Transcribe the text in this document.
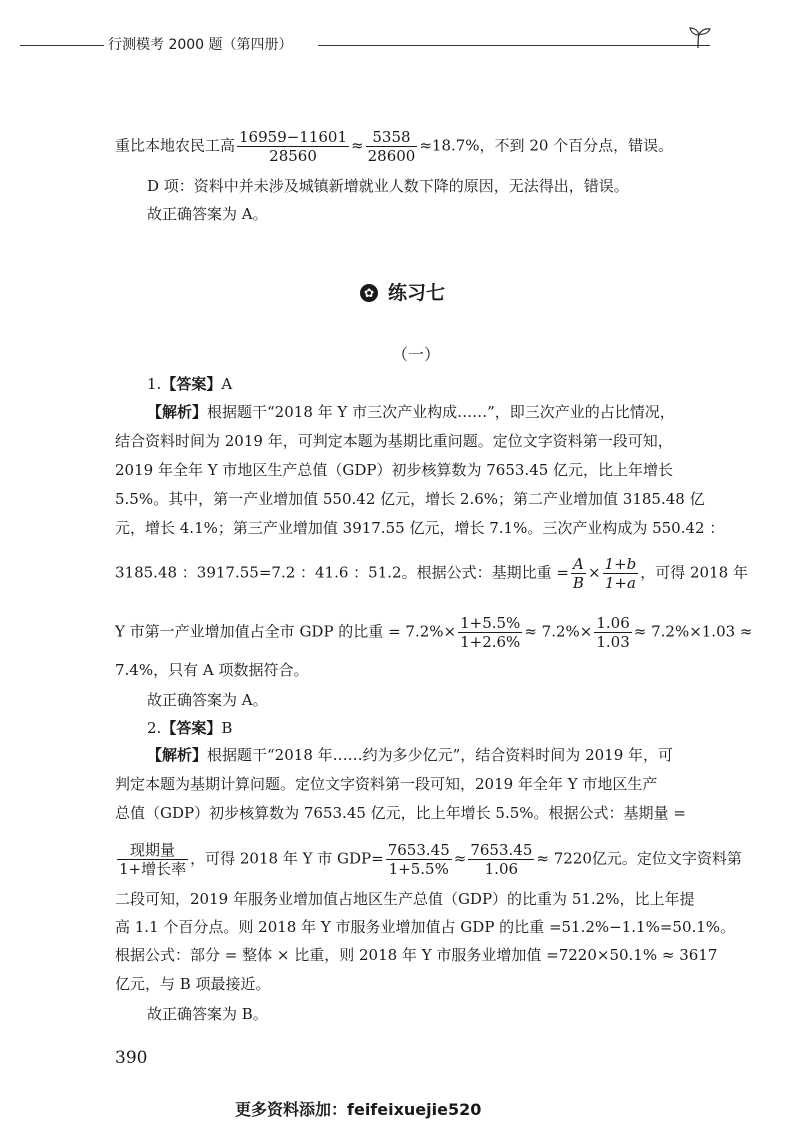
行测模考 2000 题（第四册）
重比本地农民工高 $\frac{16959-11601}{28560} \approx \frac{5358}{28600} \approx 18.7\%$，不到 20 个百分点，错误。
D 项：资料中并未涉及城镇新增就业人数下降的原因，无法得出，错误。
故正确答案为 A。
✿ 练习七
（一）
1.【答案】A
【解析】根据题干“2018 年 Y 市三次产业构成……”，即三次产业的占比情况，
结合资料时间为 2019 年，可判定本题为基期比重问题。定位文字资料第一段可知，
2019 年全年 Y 市地区生产总值（GDP）初步核算数为 7653.45 亿元，比上年增长
5.5%。其中，第一产业增加值 550.42 亿元，增长 2.6%；第二产业增加值 3185.48 亿
元，增长 4.1%；第三产业增加值 3917.55 亿元，增长 7.1%。三次产业构成为 550.42 ：
3185.48 ：3917.55=7.2 ：41.6 ：51.2。根据公式：基期比重 = $\frac{A}{B} \times \frac{1+b}{1+a}$ ，可得 2018 年
Y 市第一产业增加值占全市 GDP 的比重 = $7.2\%\times \frac{1+5.5\%}{1+2.6\%} \approx 7.2\%\times \frac{1.06}{1.03} \approx 7.2\%\times 1.03$ ≈
7.4%，只有 A 项数据符合。
故正确答案为 A。
2.【答案】B
【解析】根据题干“2018 年……约为多少亿元”，结合资料时间为 2019 年，可
判定本题为基期计算问题。定位文字资料第一段可知，2019 年全年 Y 市地区生产
总值（GDP）初步核算数为 7653.45 亿元，比上年增长 5.5%。根据公式：基期量 =
$\frac{\text{现期量}}{\text{1+增长率}}$ ，可得 2018 年 Y 市 $GDP= \frac{7653.45}{1+5.5\%} \approx \frac{7653.45}{1.06} \approx 7220$亿元。定位文字资料第
二段可知，2019 年服务业增加值占地区生产总值（GDP）的比重为 51.2%，比上年提
高 1.1 个百分点。则 2018 年 Y 市服务业增加值占 GDP 的比重 =51.2%−1.1%=50.1%。
根据公式：部分 = 整体 × 比重，则 2018 年 Y 市服务业增加值 =7220×50.1% ≈ 3617
亿元，与 B 项最接近。
故正确答案为 B。
390
更多资料添加：feifeixuejie520
